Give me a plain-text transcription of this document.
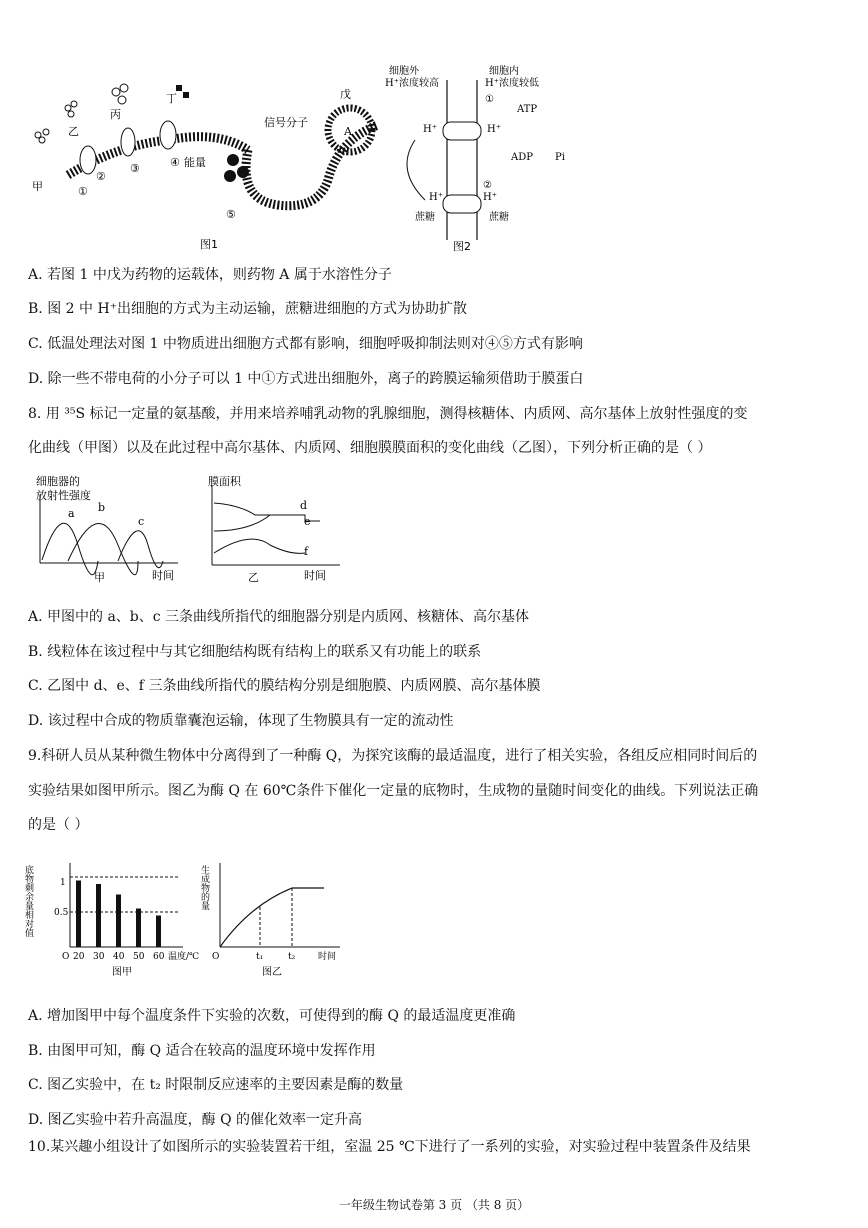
甲
乙
丙
丁	戊
①
②
③	④ 能量
⑤
信号分子
A
图1
细胞外
H⁺浓度较高
细胞内
H⁺浓度较低
ATP
ADP Pi
H⁺	H⁺
H⁺	H⁺
①
②
蔗糖	蔗糖
图2
A. 若图 1 中戊为药物的运载体，则药物 A 属于水溶性分子
B. 图 2 中 H⁺出细胞的方式为主动运输，蔗糖进细胞的方式为协助扩散
C. 低温处理法对图 1 中物质进出细胞方式都有影响，细胞呼吸抑制法则对④⑤方式有影响
D. 除一些不带电荷的小分子可以 1 中①方式进出细胞外，离子的跨膜运输须借助于膜蛋白
8. 用 ³⁵S 标记一定量的氨基酸，并用来培养哺乳动物的乳腺细胞，测得核糖体、内质网、高尔基体上放射性强度的变
化曲线（甲图）以及在此过程中高尔基体、内质网、细胞膜膜面积的变化曲线（乙图），下列分析正确的是（ ）
a b
c
细胞器的
放射性强度
时间
甲
d
e
f
膜面积
时间
乙
A. 甲图中的 a、b、c 三条曲线所指代的细胞器分别是内质网、核糖体、高尔基体
B. 线粒体在该过程中与其它细胞结构既有结构上的联系又有功能上的联系
C. 乙图中 d、e、f 三条曲线所指代的膜结构分别是细胞膜、内质网膜、高尔基体膜
D. 该过程中合成的物质靠囊泡运输，体现了生物膜具有一定的流动性
9.科研人员从某种微生物体中分离得到了一种酶 Q，为探究该酶的最适温度，进行了相关实验，各组反应相同时间后的
实验结果如图甲所示。图乙为酶 Q 在 60℃条件下催化一定量的底物时，生成物的量随时间变化的曲线。下列说法正确
的是（ ）
底物剩余量相对值	1
0.5
O	温度/℃
图甲
20 30 40 50 60
生成物的量
O	t₁	t₂	时间
图乙
A. 增加图甲中每个温度条件下实验的次数，可使得到的酶 Q 的最适温度更准确
B. 由图甲可知，酶 Q 适合在较高的温度环境中发挥作用
C. 图乙实验中，在 t₂ 时限制反应速率的主要因素是酶的数量
D. 图乙实验中若升高温度，酶 Q 的催化效率一定升高
10.某兴趣小组设计了如图所示的实验装置若干组，室温 25 ℃下进行了一系列的实验，对实验过程中装置条件及结果
一年级生物试卷第 3 页 （共 8 页）
